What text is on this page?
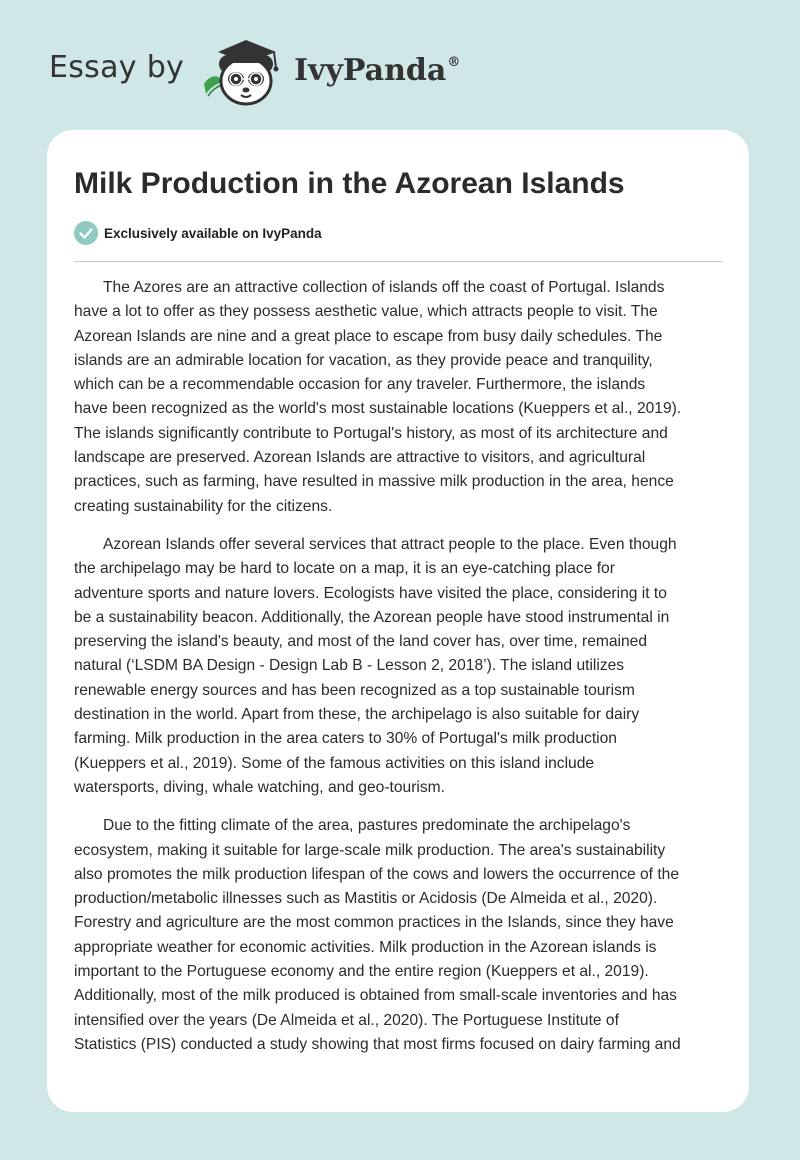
Essay by	IvyPanda®
Milk Production in the Azorean Islands
Exclusively available on IvyPanda

The Azores are an attractive collection of islands off the coast of Portugal. Islands
have a lot to offer as they possess aesthetic value, which attracts people to visit. The
Azorean Islands are nine and a great place to escape from busy daily schedules. The
islands are an admirable location for vacation, as they provide peace and tranquility,
which can be a recommendable occasion for any traveler. Furthermore, the islands
have been recognized as the world's most sustainable locations (Kueppers et al., 2019).
The islands significantly contribute to Portugal's history, as most of its architecture and
landscape are preserved. Azorean Islands are attractive to visitors, and agricultural
practices, such as farming, have resulted in massive milk production in the area, hence
creating sustainability for the citizens.

Azorean Islands offer several services that attract people to the place. Even though
the archipelago may be hard to locate on a map, it is an eye-catching place for
adventure sports and nature lovers. Ecologists have visited the place, considering it to
be a sustainability beacon. Additionally, the Azorean people have stood instrumental in
preserving the island's beauty, and most of the land cover has, over time, remained
natural (‘LSDM BA Design - Design Lab B - Lesson 2, 2018’). The island utilizes
renewable energy sources and has been recognized as a top sustainable tourism
destination in the world. Apart from these, the archipelago is also suitable for dairy
farming. Milk production in the area caters to 30% of Portugal's milk production
(Kueppers et al., 2019). Some of the famous activities on this island include
watersports, diving, whale watching, and geo-tourism.

Due to the fitting climate of the area, pastures predominate the archipelago's
ecosystem, making it suitable for large-scale milk production. The area's sustainability
also promotes the milk production lifespan of the cows and lowers the occurrence of the
production/metabolic illnesses such as Mastitis or Acidosis (De Almeida et al., 2020).
Forestry and agriculture are the most common practices in the Islands, since they have
appropriate weather for economic activities. Milk production in the Azorean islands is
important to the Portuguese economy and the entire region (Kueppers et al., 2019).
Additionally, most of the milk produced is obtained from small-scale inventories and has
intensified over the years (De Almeida et al., 2020). The Portuguese Institute of
Statistics (PIS) conducted a study showing that most firms focused on dairy farming and
